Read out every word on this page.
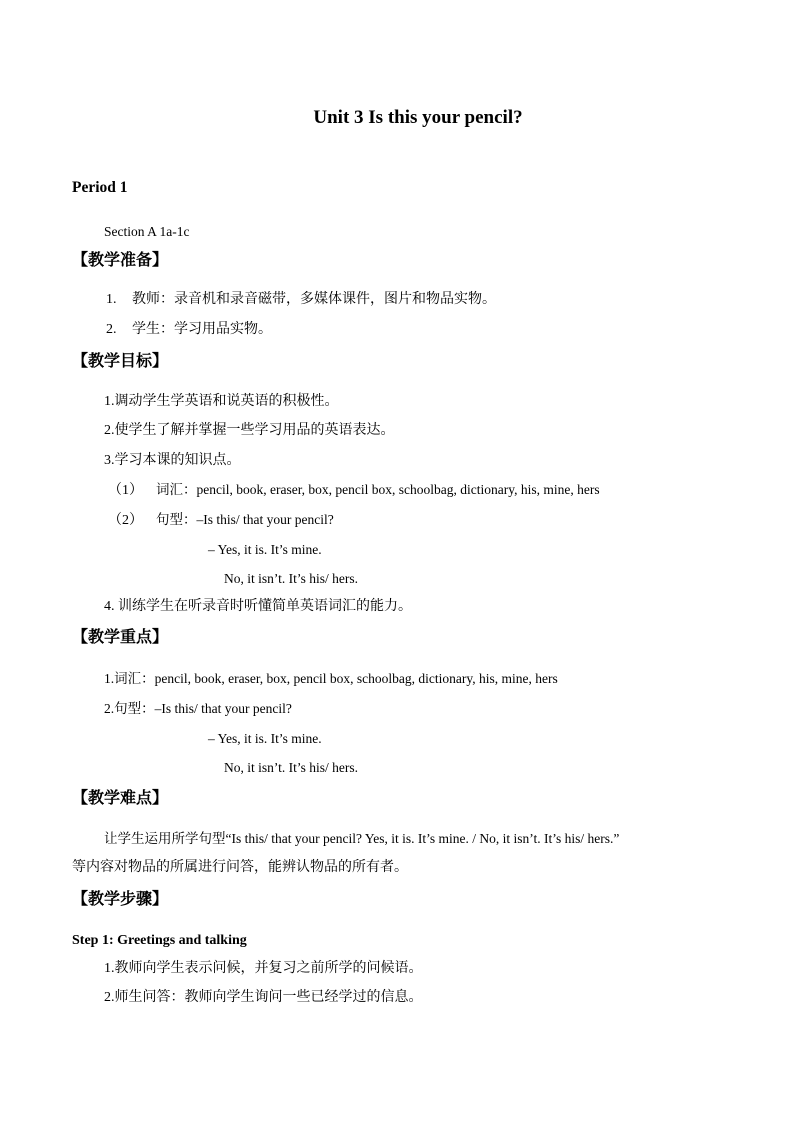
Unit 3 Is this your pencil?
Period 1
Section A 1a-1c
【教学准备】
1. 教师：录音机和录音磁带，多媒体课件，图片和物品实物。
2. 学生：学习用品实物。
【教学目标】
1.调动学生学英语和说英语的积极性。
2.使学生了解并掌握一些学习用品的英语表达。
3.学习本课的知识点。
（1） 词汇：pencil, book, eraser, box, pencil box, schoolbag, dictionary, his, mine, hers
（2） 句型：–Is this/ that your pencil?
– Yes, it is. It’s mine.
No, it isn’t. It’s his/ hers.
4. 训练学生在听录音时听懂简单英语词汇的能力。
【教学重点】
1.词汇：pencil, book, eraser, box, pencil box, schoolbag, dictionary, his, mine, hers
2.句型：–Is this/ that your pencil?
– Yes, it is. It’s mine.
No, it isn’t. It’s his/ hers.
【教学难点】
让学生运用所学句型“Is this/ that your pencil? Yes, it is. It’s mine. / No, it isn’t. It’s his/ hers.”
等内容对物品的所属进行问答，能辨认物品的所有者。
【教学步骤】
Step 1: Greetings and talking
1.教师向学生表示问候，并复习之前所学的问候语。
2.师生问答：教师向学生询问一些已经学过的信息。
